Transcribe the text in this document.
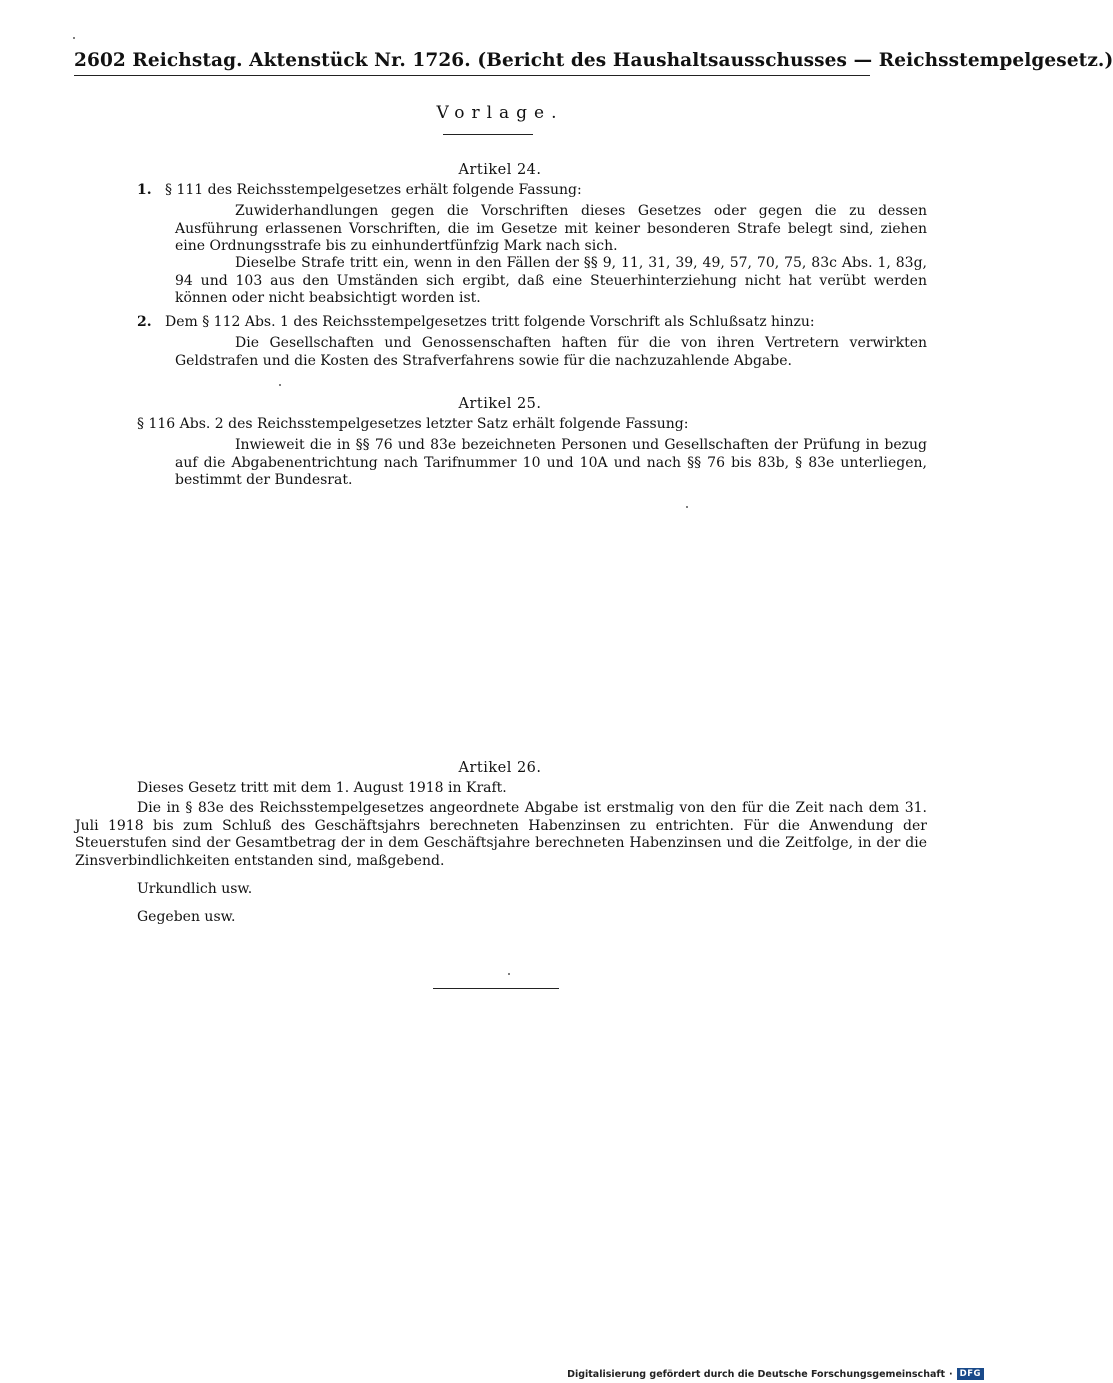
2602 Reichstag. Aktenstück Nr. 1726. (Bericht des Haushaltsausschusses — Reichsstempelgesetz.)
Vorlage.
Artikel 24.
1. § 111 des Reichsstempelgesetzes erhält folgende Fassung:
Zuwiderhandlungen gegen die Vorschriften dieses Gesetzes oder gegen die zu dessen Ausführung erlassenen Vorschriften, die im Gesetze mit keiner besonderen Strafe belegt sind, ziehen eine Ordnungsstrafe bis zu einhundertfünfzig Mark nach sich.
Dieselbe Strafe tritt ein, wenn in den Fällen der §§ 9, 11, 31, 39, 49, 57, 70, 75, 83c Abs. 1, 83g, 94 und 103 aus den Umständen sich ergibt, daß eine Steuerhinterziehung nicht hat verübt werden können oder nicht beabsichtigt worden ist.
2. Dem § 112 Abs. 1 des Reichsstempelgesetzes tritt folgende Vorschrift als Schlußsatz hinzu:
Die Gesellschaften und Genossenschaften haften für die von ihren Vertretern verwirkten Geldstrafen und die Kosten des Strafverfahrens sowie für die nachzuzahlende Abgabe.
Artikel 25.
§ 116 Abs. 2 des Reichsstempelgesetzes letzter Satz erhält folgende Fassung:
Inwieweit die in §§ 76 und 83e bezeichneten Personen und Gesellschaften der Prüfung in bezug auf die Abgabenentrichtung nach Tarifnummer 10 und 10A und nach §§ 76 bis 83b, § 83e unterliegen, bestimmt der Bundesrat.
Artikel 26.
Dieses Gesetz tritt mit dem 1. August 1918 in Kraft.
Die in § 83e des Reichsstempelgesetzes angeordnete Abgabe ist erstmalig von den für die Zeit nach dem 31. Juli 1918 bis zum Schluß des Geschäftsjahrs berechneten Habenzinsen zu entrichten. Für die Anwendung der Steuerstufen sind der Gesamtbetrag der in dem Geschäftsjahre berechneten Habenzinsen und die Zeitfolge, in der die Zinsverbindlichkeiten entstanden sind, maßgebend.
Urkundlich usw.
Gegeben usw.
Digitalisierung gefördert durch die Deutsche Forschungsgemeinschaft · DFG
